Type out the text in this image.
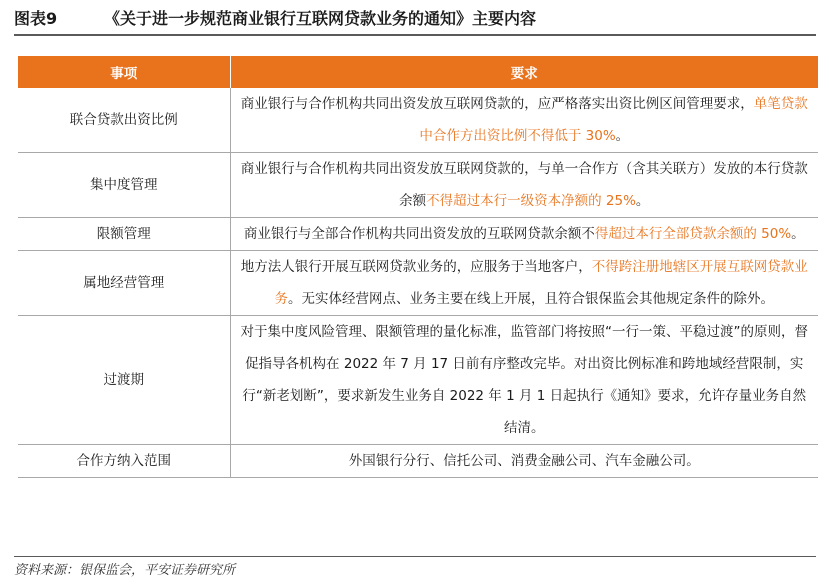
图表9	《关于进一步规范商业银行互联网贷款业务的通知》主要内容
事项	要求
联合贷款出资比例	商业银行与合作机构共同出资发放互联网贷款的，应严格落实出资比例区间管理要求，单笔贷款中合作方出资比例不得低于 30%。
集中度管理	商业银行与合作机构共同出资发放互联网贷款的，与单一合作方（含其关联方）发放的本行贷款余额不得超过本行一级资本净额的 25%。
限额管理	商业银行与全部合作机构共同出资发放的互联网贷款余额不得超过本行全部贷款余额的 50%。
属地经营管理	地方法人银行开展互联网贷款业务的，应服务于当地客户，不得跨注册地辖区开展互联网贷款业务。无实体经营网点、业务主要在线上开展，且符合银保监会其他规定条件的除外。
过渡期	对于集中度风险管理、限额管理的量化标准，监管部门将按照“一行一策、平稳过渡”的原则，督促指导各机构在 2022 年 7 月 17 日前有序整改完毕。对出资比例标准和跨地域经营限制，实行“新老划断”，要求新发生业务自 2022 年 1 月 1 日起执行《通知》要求，允许存量业务自然结清。
合作方纳入范围	外国银行分行、信托公司、消费金融公司、汽车金融公司。
资料来源：银保监会，平安证券研究所
